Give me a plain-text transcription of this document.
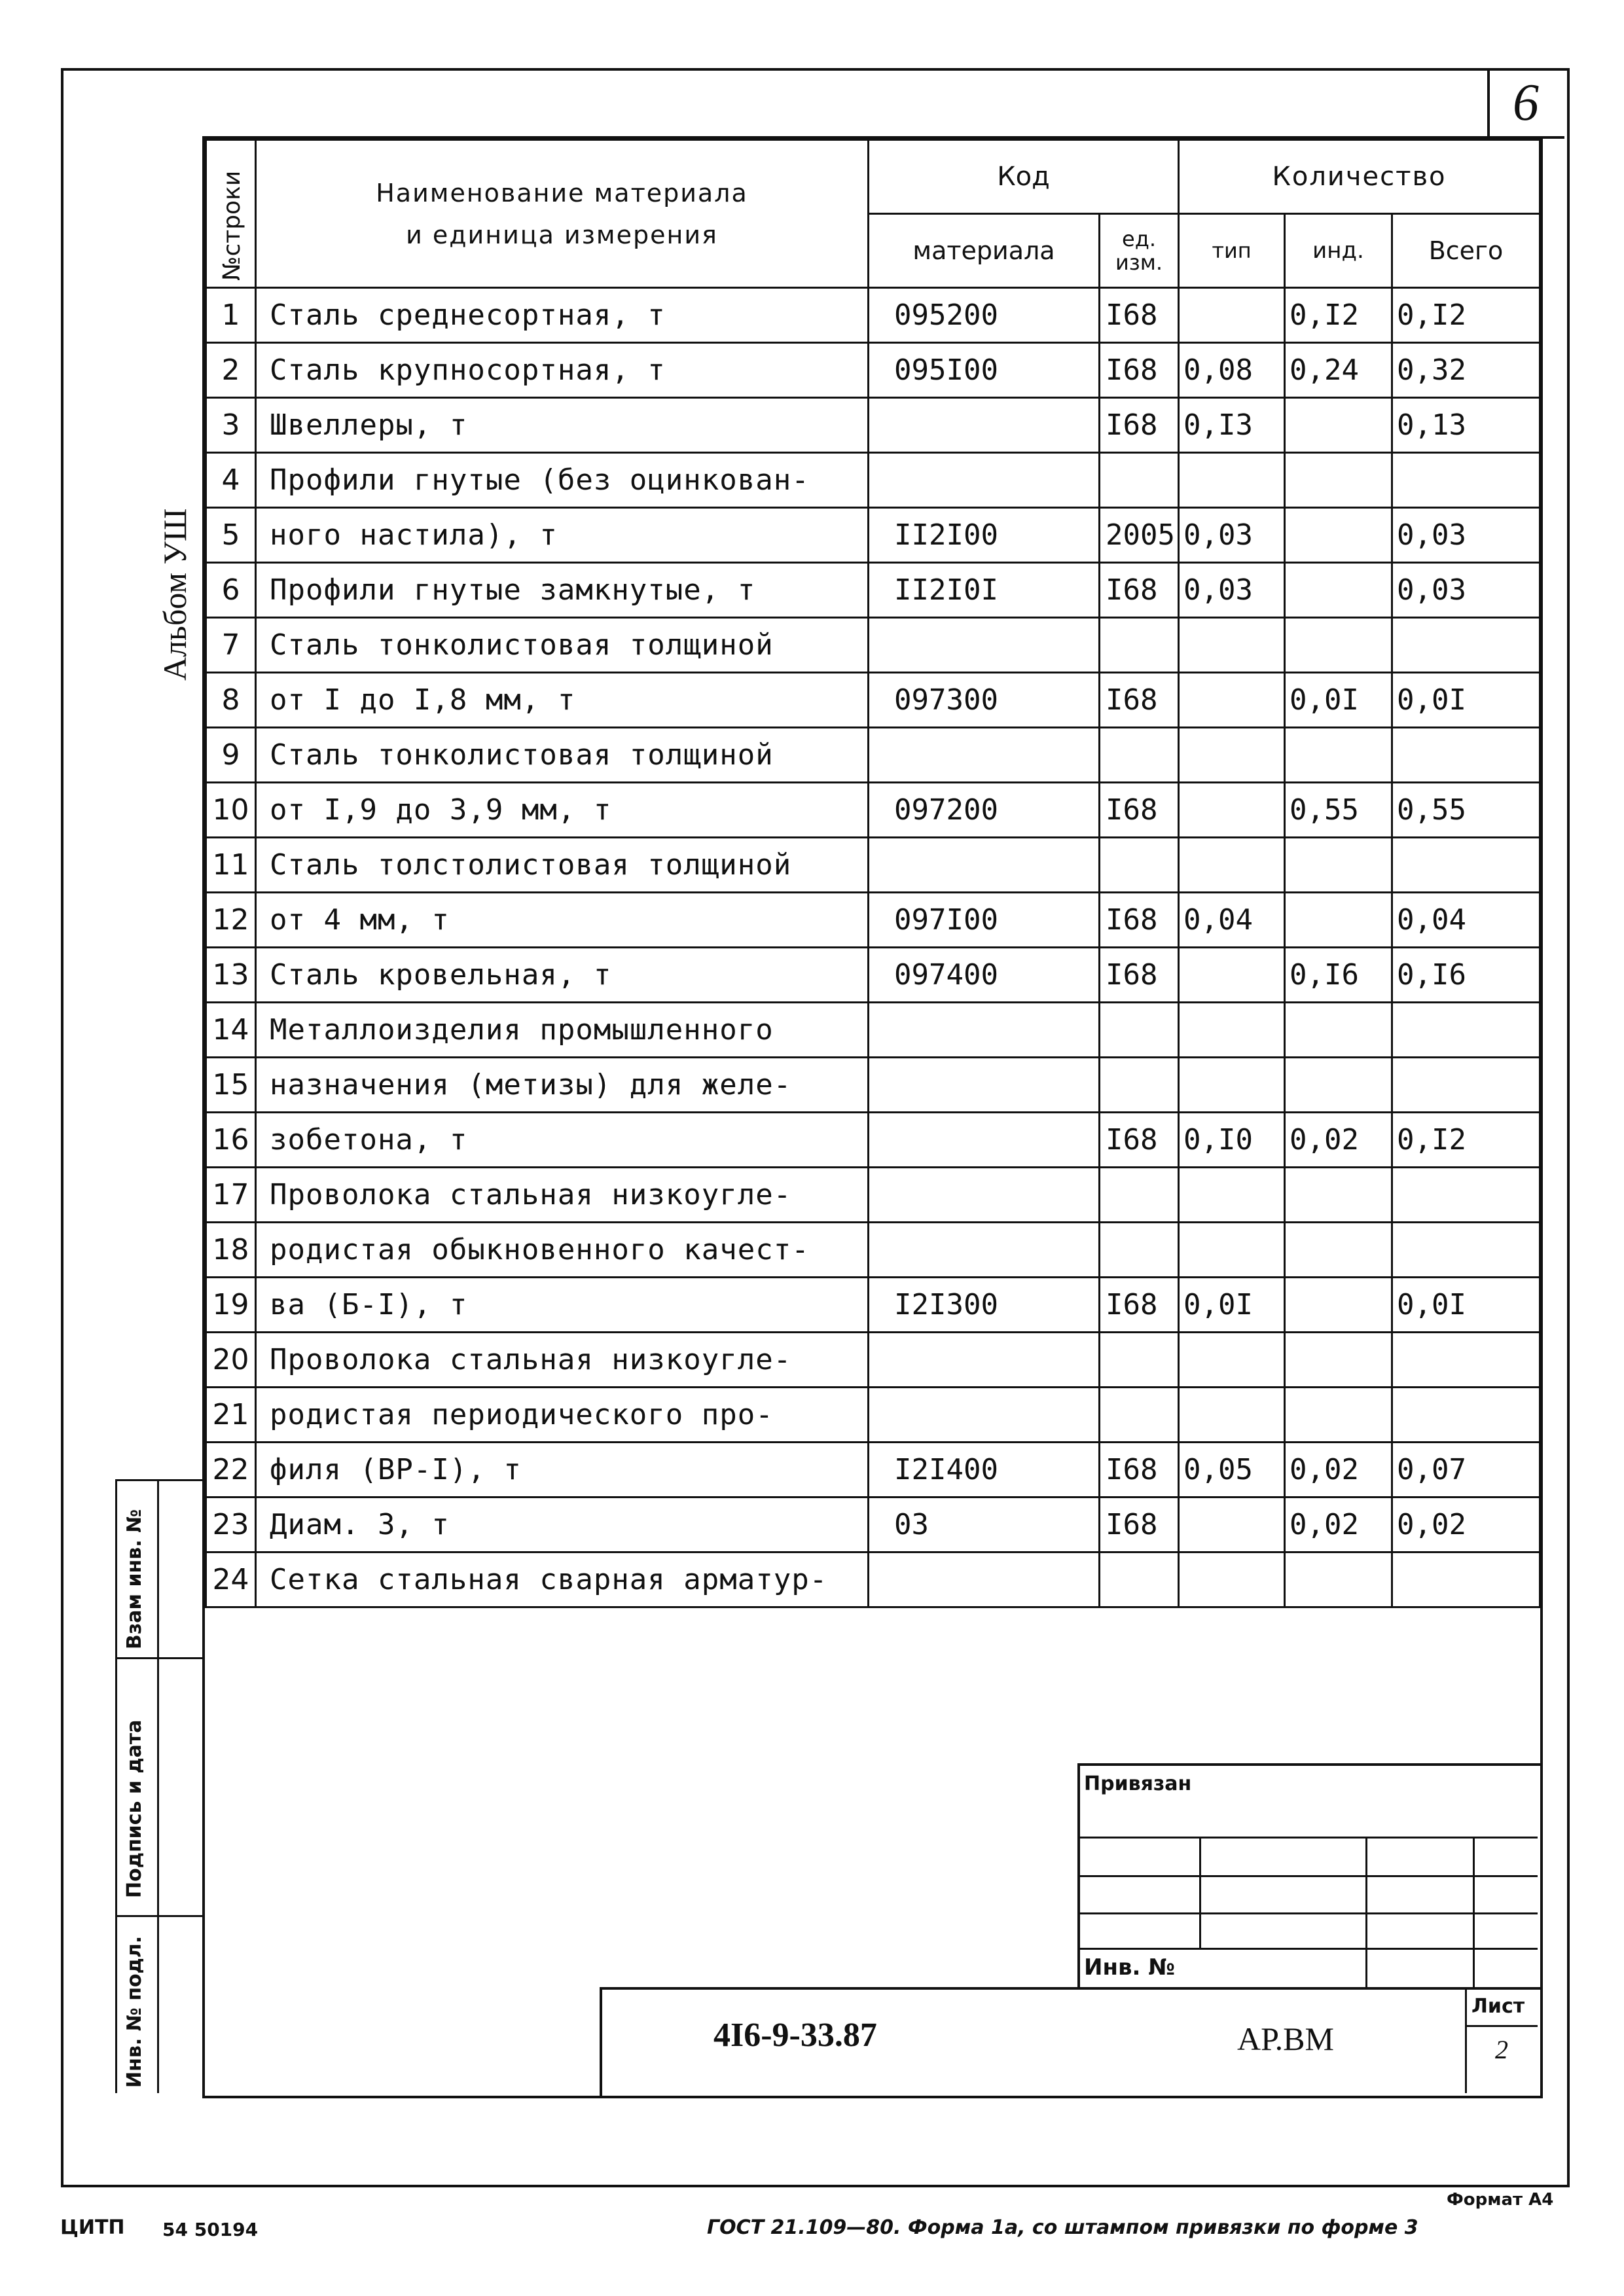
6
Альбом УШ
№строки	Наименование материала
и единица измерения	Код		Количество		
		материала	ед. изм.	тип	инд.	Всего
1	Сталь среднесортная, т	095200	I68		0,I2	0,I2
2	Сталь крупносортная, т	095I00	I68	0,08	0,24	0,32
3	Швеллеры, т		I68	0,I3		0,13
4	Профили гнутые (без оцинкован-					
5	ного настила), т	II2I00	2005	0,03		0,03
6	Профили гнутые замкнутые, т	II2I0I	I68	0,03		0,03
7	Сталь тонколистовая толщиной					
8	от I до I,8 мм, т	097300	I68		0,0I	0,0I
9	Сталь тонколистовая толщиной					
10	от I,9 до 3,9 мм, т	097200	I68		0,55	0,55
11	Сталь толстолистовая толщиной					
12	от 4 мм, т	097I00	I68	0,04		0,04
13	Сталь кровельная, т	097400	I68		0,I6	0,I6
14	Металлоизделия промышленного					
15	назначения (метизы) для желе-					
16	зобетона, т		I68	0,I0	0,02	0,I2
17	Проволока стальная низкоугле-					
18	родистая обыкновенного качест-					
19	ва (Б-I), т	I2I300	I68	0,0I		0,0I
20	Проволока стальная низкоугле-					
21	родистая периодического про-					
22	филя (ВР-I), т	I2I400	I68	0,05	0,02	0,07
23	Диам. 3, т	03	I68		0,02	0,02
24	Сетка стальная сварная арматур-					
Взам инв. №
Подпись и дата
Инв. № подл.
Привязан
Инв. №
4I6-9-33.87	АР.ВМ
Лист
2
Формат А4
ЦИТП 54 50194	ГОСТ 21.109—80. Форма 1а, со штампом привязки по форме 3
